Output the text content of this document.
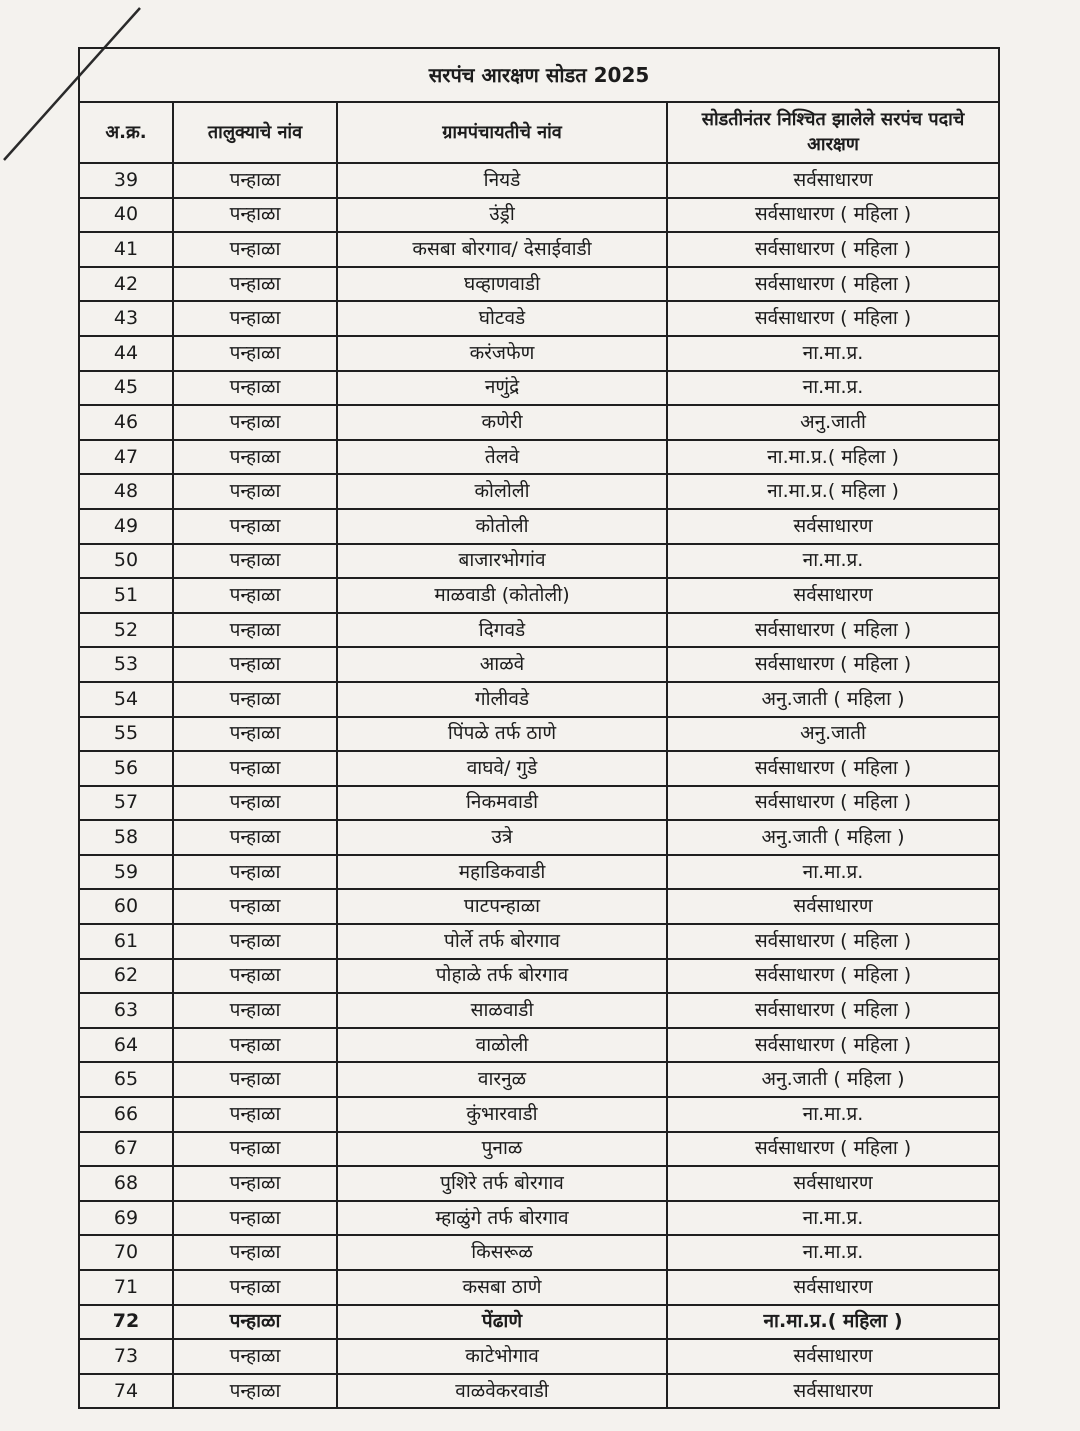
सरपंच आरक्षण सोडत 2025			
अ.क्र.	तालुक्याचे नांव	ग्रामपंचायतीचे नांव	सोडतीनंतर निश्चित झालेले सरपंच पदाचे आरक्षण
39	पन्हाळा	नियडे	सर्वसाधारण
40	पन्हाळा	उंड्री	सर्वसाधारण ( महिला )
41	पन्हाळा	कसबा बोरगाव/ देसाईवाडी	सर्वसाधारण ( महिला )
42	पन्हाळा	घव्हाणवाडी	सर्वसाधारण ( महिला )
43	पन्हाळा	घोटवडे	सर्वसाधारण ( महिला )
44	पन्हाळा	करंजफेण	ना.मा.प्र.
45	पन्हाळा	नणुंद्रे	ना.मा.प्र.
46	पन्हाळा	कणेरी	अनु.जाती
47	पन्हाळा	तेलवे	ना.मा.प्र.( महिला )
48	पन्हाळा	कोलोली	ना.मा.प्र.( महिला )
49	पन्हाळा	कोतोली	सर्वसाधारण
50	पन्हाळा	बाजारभोगांव	ना.मा.प्र.
51	पन्हाळा	माळवाडी (कोतोली)	सर्वसाधारण
52	पन्हाळा	दिगवडे	सर्वसाधारण ( महिला )
53	पन्हाळा	आळवे	सर्वसाधारण ( महिला )
54	पन्हाळा	गोलीवडे	अनु.जाती ( महिला )
55	पन्हाळा	पिंपळे तर्फ ठाणे	अनु.जाती
56	पन्हाळा	वाघवे/ गुडे	सर्वसाधारण ( महिला )
57	पन्हाळा	निकमवाडी	सर्वसाधारण ( महिला )
58	पन्हाळा	उत्रे	अनु.जाती ( महिला )
59	पन्हाळा	महाडिकवाडी	ना.मा.प्र.
60	पन्हाळा	पाटपन्हाळा	सर्वसाधारण
61	पन्हाळा	पोर्ले तर्फ बोरगाव	सर्वसाधारण ( महिला )
62	पन्हाळा	पोहाळे तर्फ बोरगाव	सर्वसाधारण ( महिला )
63	पन्हाळा	साळवाडी	सर्वसाधारण ( महिला )
64	पन्हाळा	वाळोली	सर्वसाधारण ( महिला )
65	पन्हाळा	वारनुळ	अनु.जाती ( महिला )
66	पन्हाळा	कुंभारवाडी	ना.मा.प्र.
67	पन्हाळा	पुनाळ	सर्वसाधारण ( महिला )
68	पन्हाळा	पुशिरे तर्फ बोरगाव	सर्वसाधारण
69	पन्हाळा	म्हाळुंगे तर्फ बोरगाव	ना.मा.प्र.
70	पन्हाळा	किसरूळ	ना.मा.प्र.
71	पन्हाळा	कसबा ठाणे	सर्वसाधारण
72	पन्हाळा	पेंढाणे	ना.मा.प्र.( महिला )
73	पन्हाळा	काटेभोगाव	सर्वसाधारण
74	पन्हाळा	वाळवेकरवाडी	सर्वसाधारण
